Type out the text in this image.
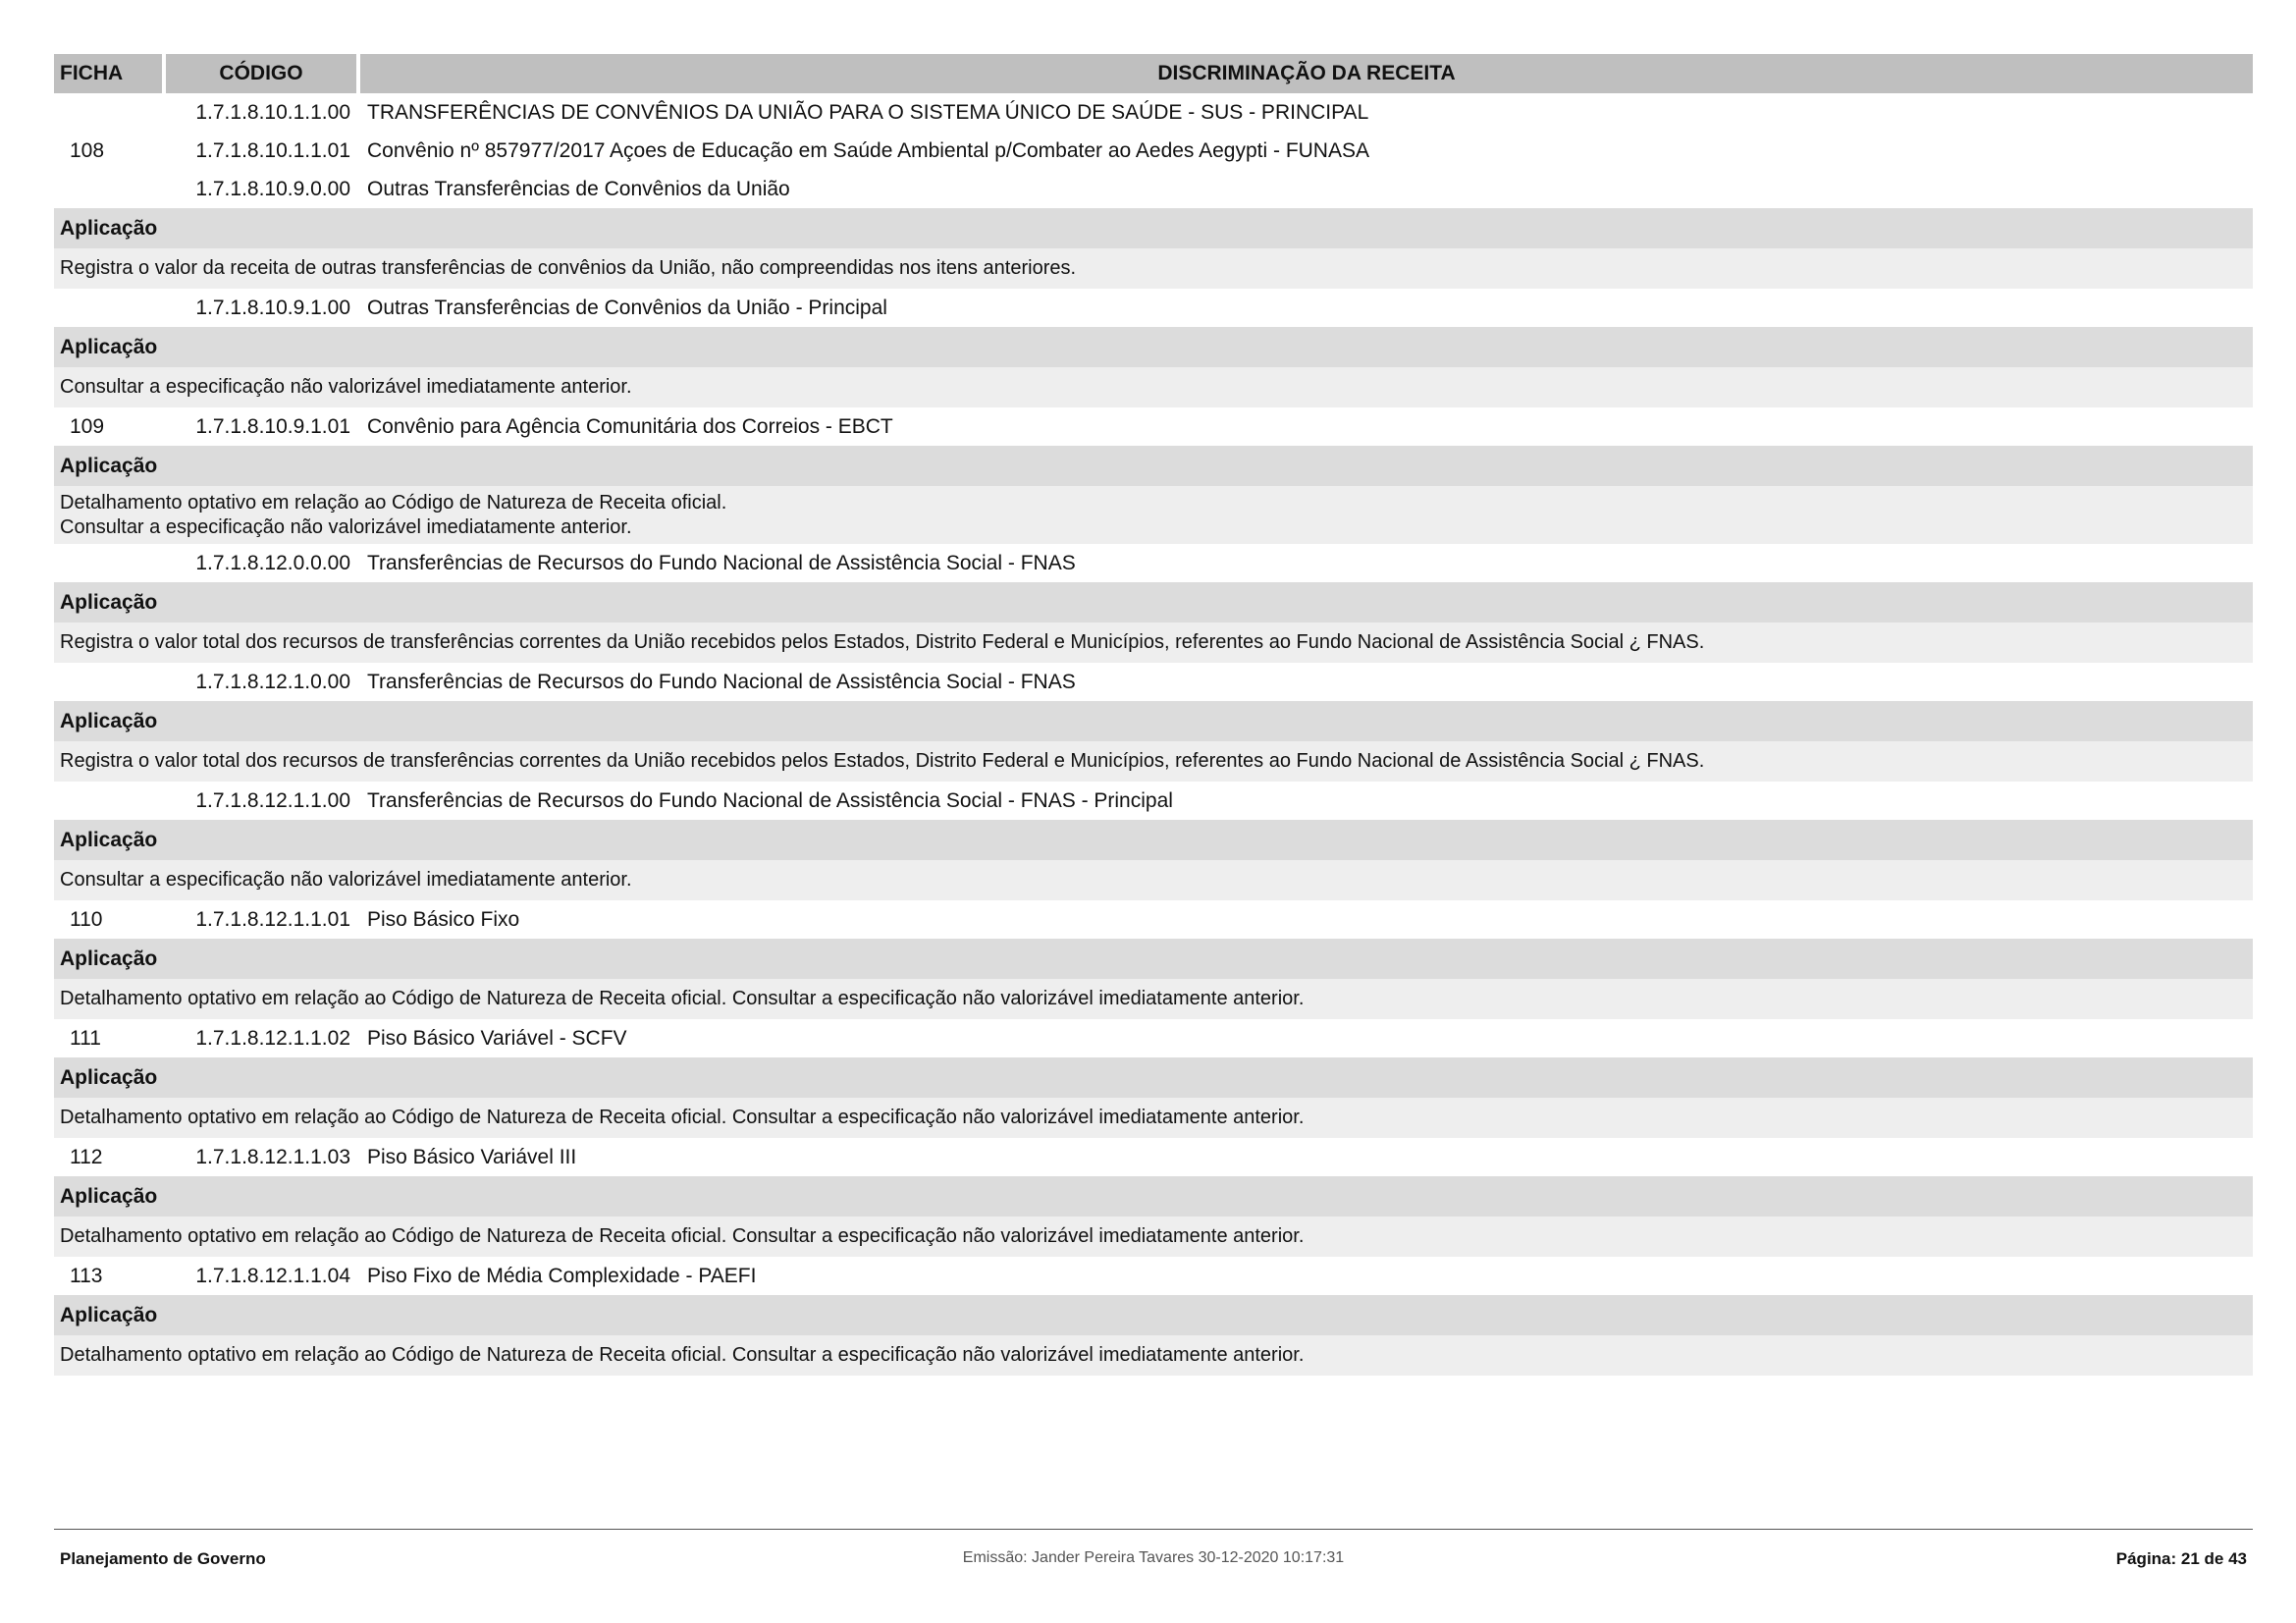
FICHA	CÓDIGO	DISCRIMINAÇÃO DA RECEITA
1.7.1.8.10.1.1.00 TRANSFERÊNCIAS DE CONVÊNIOS DA UNIÃO PARA O SISTEMA ÚNICO DE SAÚDE - SUS - PRINCIPAL
108	1.7.1.8.10.1.1.01 Convênio nº 857977/2017 Açoes de Educação em Saúde Ambiental p/Combater ao Aedes Aegypti - FUNASA
1.7.1.8.10.9.0.00 Outras Transferências de Convênios da União
Aplicação
Registra o valor da receita de outras transferências de convênios da União, não compreendidas nos itens anteriores.
1.7.1.8.10.9.1.00 Outras Transferências de Convênios da União - Principal
Aplicação
Consultar a especificação não valorizável imediatamente anterior.
109	1.7.1.8.10.9.1.01 Convênio para Agência Comunitária dos Correios - EBCT
Aplicação
Detalhamento optativo em relação ao Código de Natureza de Receita oficial.
Consultar a especificação não valorizável imediatamente anterior.
1.7.1.8.12.0.0.00 Transferências de Recursos do Fundo Nacional de Assistência Social - FNAS
Aplicação
Registra o valor total dos recursos de transferências correntes da União recebidos pelos Estados, Distrito Federal e Municípios, referentes ao Fundo Nacional de Assistência Social ¿ FNAS.
1.7.1.8.12.1.0.00 Transferências de Recursos do Fundo Nacional de Assistência Social - FNAS
Aplicação
Registra o valor total dos recursos de transferências correntes da União recebidos pelos Estados, Distrito Federal e Municípios, referentes ao Fundo Nacional de Assistência Social ¿ FNAS.
1.7.1.8.12.1.1.00 Transferências de Recursos do Fundo Nacional de Assistência Social - FNAS - Principal
Aplicação
Consultar a especificação não valorizável imediatamente anterior.
110	1.7.1.8.12.1.1.01 Piso Básico Fixo
Aplicação
Detalhamento optativo em relação ao Código de Natureza de Receita oficial. Consultar a especificação não valorizável imediatamente anterior.
111	1.7.1.8.12.1.1.02 Piso Básico Variável - SCFV
Aplicação
Detalhamento optativo em relação ao Código de Natureza de Receita oficial. Consultar a especificação não valorizável imediatamente anterior.
112	1.7.1.8.12.1.1.03 Piso Básico Variável III
Aplicação
Detalhamento optativo em relação ao Código de Natureza de Receita oficial. Consultar a especificação não valorizável imediatamente anterior.
113	1.7.1.8.12.1.1.04 Piso Fixo de Média Complexidade - PAEFI
Aplicação
Detalhamento optativo em relação ao Código de Natureza de Receita oficial. Consultar a especificação não valorizável imediatamente anterior.
Planejamento de Governo	Emissão: Jander Pereira Tavares 30-12-2020 10:17:31	Página: 21 de 43
